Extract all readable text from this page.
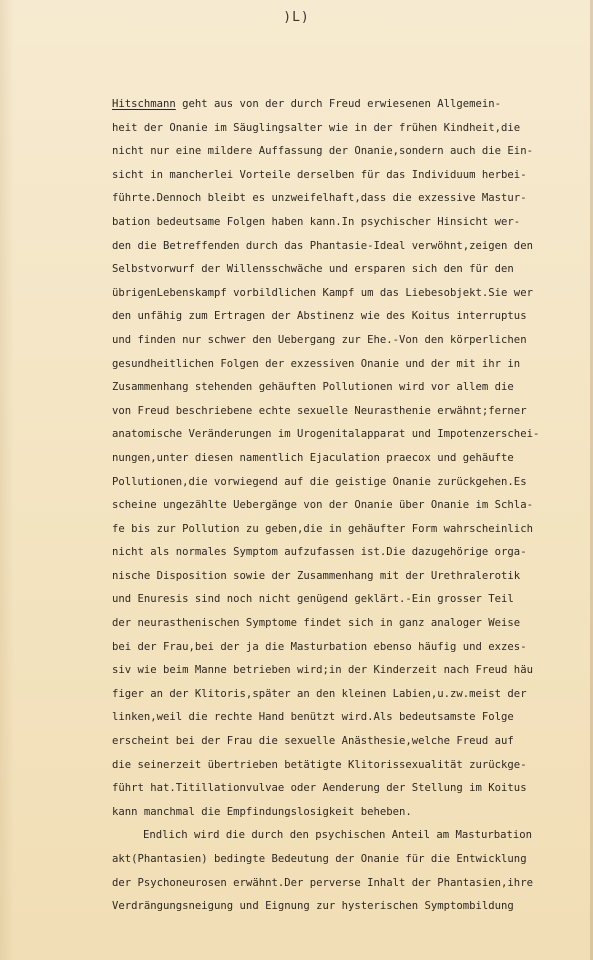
)L)
Hitschmann geht aus von der durch Freud erwiesenen Allgemein-
heit der Onanie im Säuglingsalter wie in der frühen Kindheit,die
nicht nur eine mildere Auffassung der Onanie,sondern auch die Ein-
sicht in mancherlei Vorteile derselben für das Individuum herbei-
führte.Dennoch bleibt es unzweifelhaft,dass die exzessive Mastur-
bation bedeutsame Folgen haben kann.In psychischer Hinsicht wer-
den die Betreffenden durch das Phantasie-Ideal verwöhnt,zeigen den
Selbstvorwurf der Willensschwäche und ersparen sich den für den
übrigenLebenskampf vorbildlichen Kampf um das Liebesobjekt.Sie wer
den unfähig zum Ertragen der Abstinenz wie des Koitus interruptus
und finden nur schwer den Uebergang zur Ehe.-Von den körperlichen
gesundheitlichen Folgen der exzessiven Onanie und der mit ihr in
Zusammenhang stehenden gehäuften Pollutionen wird vor allem die
von Freud beschriebene echte sexuelle Neurasthenie erwähnt;ferner
anatomische Veränderungen im Urogenitalapparat und Impotenzerschei-
nungen,unter diesen namentlich Ejaculation praecox und gehäufte
Pollutionen,die vorwiegend auf die geistige Onanie zurückgehen.Es
scheine ungezählte Uebergänge von der Onanie über Onanie im Schla-
fe bis zur Pollution zu geben,die in gehäufter Form wahrscheinlich
nicht als normales Symptom aufzufassen ist.Die dazugehörige orga-
nische Disposition sowie der Zusammenhang mit der Urethralerotik
und Enuresis sind noch nicht genügend geklärt.-Ein grosser Teil
der neurasthenischen Symptome findet sich in ganz analoger Weise
bei der Frau,bei der ja die Masturbation ebenso häufig und exzes-
siv wie beim Manne betrieben wird;in der Kinderzeit nach Freud häu
figer an der Klitoris,später an den kleinen Labien,u.zw.meist der
linken,weil die rechte Hand benützt wird.Als bedeutsamste Folge
erscheint bei der Frau die sexuelle Anästhesie,welche Freud auf
die seinerzeit übertrieben betätigte Klitorissexualität zurückge-
führt hat.Titillationvulvae oder Aenderung der Stellung im Koitus
kann manchmal die Empfindungslosigkeit beheben.
Endlich wird die durch den psychischen Anteil am Masturbation
akt(Phantasien) bedingte Bedeutung der Onanie für die Entwicklung
der Psychoneurosen erwähnt.Der perverse Inhalt der Phantasien,ihre
Verdrängungsneigung und Eignung zur hysterischen Symptombildung
